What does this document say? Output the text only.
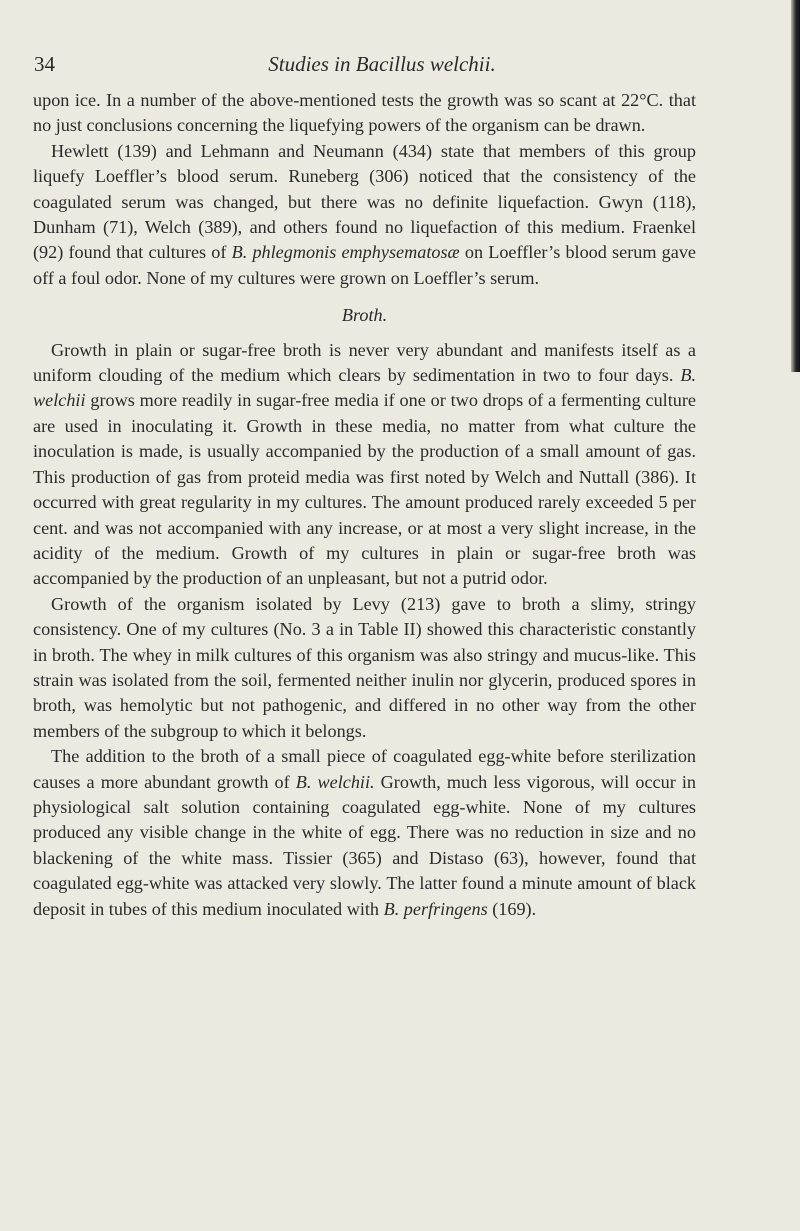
34	Studies in Bacillus welchii.

upon ice. In a number of the above-mentioned tests the growth was so scant at 22°C. that no just conclusions concerning the liquefying powers of the organism can be drawn.

Hewlett (139) and Lehmann and Neumann (434) state that members of this group liquefy Loeffler’s blood serum. Runeberg (306) noticed that the consistency of the coagulated serum was changed, but there was no definite liquefaction. Gwyn (118), Dunham (71), Welch (389), and others found no liquefaction of this medium. Fraenkel (92) found that cultures of B. phlegmonis emphysematosæ on Loeffler’s blood serum gave off a foul odor. None of my cultures were grown on Loeffler’s serum.

Broth.

Growth in plain or sugar-free broth is never very abundant and manifests itself as a uniform clouding of the medium which clears by sedimentation in two to four days. B. welchii grows more readily in sugar-free media if one or two drops of a fermenting culture are used in inoculating it. Growth in these media, no matter from what culture the inoculation is made, is usually accompanied by the production of a small amount of gas. This production of gas from proteid media was first noted by Welch and Nuttall (386). It occurred with great regularity in my cultures. The amount produced rarely exceeded 5 per cent. and was not accompanied with any increase, or at most a very slight increase, in the acidity of the medium. Growth of my cultures in plain or sugar-free broth was accompanied by the production of an unpleasant, but not a putrid odor.

Growth of the organism isolated by Levy (213) gave to broth a slimy, stringy consistency. One of my cultures (No. 3 a in Table II) showed this characteristic constantly in broth. The whey in milk cultures of this organism was also stringy and mucus-like. This strain was isolated from the soil, fermented neither inulin nor glycerin, produced spores in broth, was hemolytic but not pathogenic, and differed in no other way from the other members of the subgroup to which it belongs.

The addition to the broth of a small piece of coagulated egg-white before sterilization causes a more abundant growth of B. welchii. Growth, much less vigorous, will occur in physiological salt solution containing coagulated egg-white. None of my cultures produced any visible change in the white of egg. There was no reduction in size and no blackening of the white mass. Tissier (365) and Distaso (63), however, found that coagulated egg-white was attacked very slowly. The latter found a minute amount of black deposit in tubes of this medium inoculated with B. perfringens (169).
